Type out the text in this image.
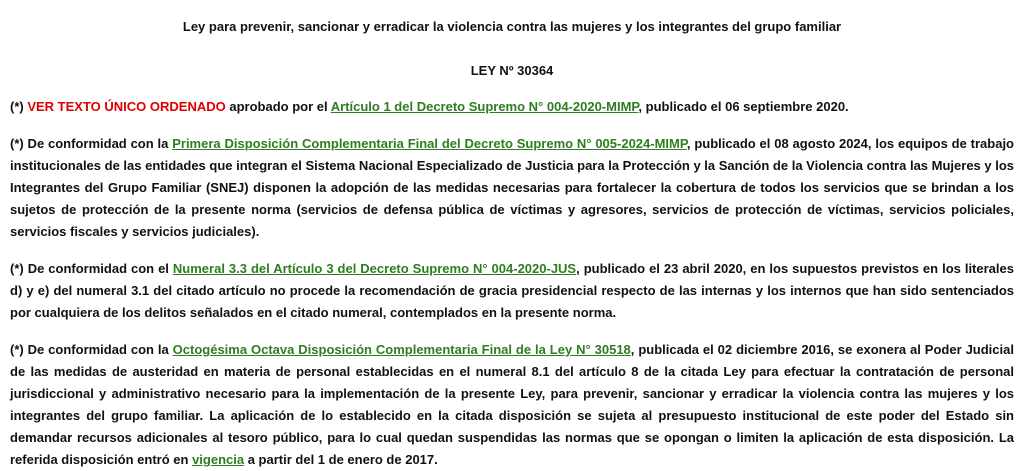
Ley para prevenir, sancionar y erradicar la violencia contra las mujeres y los integrantes del grupo familiar

LEY Nº 30364

(*) VER TEXTO ÚNICO ORDENADO aprobado por el Artículo 1 del Decreto Supremo N° 004-2020-MIMP, publicado el 06 septiembre 2020.

(*) De conformidad con la Primera Disposición Complementaria Final del Decreto Supremo N° 005-2024-MIMP, publicado el 08 agosto 2024, los equipos de trabajo institucionales de las entidades que integran el Sistema Nacional Especializado de Justicia para la Protección y la Sanción de la Violencia contra las Mujeres y los Integrantes del Grupo Familiar (SNEJ) disponen la adopción de las medidas necesarias para fortalecer la cobertura de todos los servicios que se brindan a los sujetos de protección de la presente norma (servicios de defensa pública de víctimas y agresores, servicios de protección de víctimas, servicios policiales, servicios fiscales y servicios judiciales).

(*) De conformidad con el Numeral 3.3 del Artículo 3 del Decreto Supremo N° 004-2020-JUS, publicado el 23 abril 2020, en los supuestos previstos en los literales d) y e) del numeral 3.1 del citado artículo no procede la recomendación de gracia presidencial respecto de las internas y los internos que han sido sentenciados por cualquiera de los delitos señalados en el citado numeral, contemplados en la presente norma.

(*) De conformidad con la Octogésima Octava Disposición Complementaria Final de la Ley N° 30518, publicada el 02 diciembre 2016, se exonera al Poder Judicial de las medidas de austeridad en materia de personal establecidas en el numeral 8.1 del artículo 8 de la citada Ley para efectuar la contratación de personal jurisdiccional y administrativo necesario para la implementación de la presente Ley, para prevenir, sancionar y erradicar la violencia contra las mujeres y los integrantes del grupo familiar. La aplicación de lo establecido en la citada disposición se sujeta al presupuesto institucional de este poder del Estado sin demandar recursos adicionales al tesoro público, para lo cual quedan suspendidas las normas que se opongan o limiten la aplicación de esta disposición. La referida disposición entró en vigencia a partir del 1 de enero de 2017.
